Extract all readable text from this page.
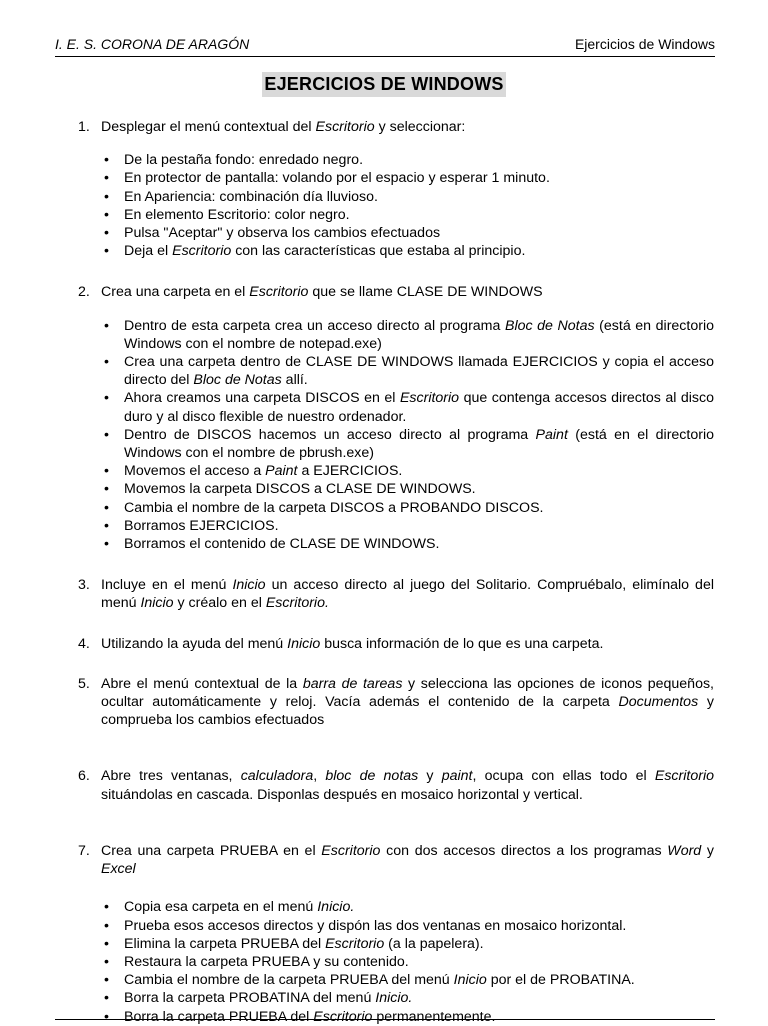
I. E. S. CORONA DE ARAGÓN	Ejercicios de Windows
EJERCICIOS DE WINDOWS
1. Desplegar el menú contextual del Escritorio y seleccionar:
• De la pestaña fondo: enredado negro.
• En protector de pantalla: volando por el espacio y esperar 1 minuto.
• En Apariencia: combinación día lluvioso.
• En elemento Escritorio: color negro.
• Pulsa "Aceptar" y observa los cambios efectuados
• Deja el Escritorio con las características que estaba al principio.
2. Crea una carpeta en el Escritorio que se llame CLASE DE WINDOWS
• Dentro de esta carpeta crea un acceso directo al programa Bloc de Notas (está en directorio Windows con el nombre de notepad.exe)
• Crea una carpeta dentro de CLASE DE WINDOWS llamada EJERCICIOS y copia el acceso directo del Bloc de Notas allí.
• Ahora creamos una carpeta DISCOS en el Escritorio que contenga accesos directos al disco duro y al disco flexible de nuestro ordenador.
• Dentro de DISCOS hacemos un acceso directo al programa Paint (está en el directorio Windows con el nombre de pbrush.exe)
• Movemos el acceso a Paint a EJERCICIOS.
• Movemos la carpeta DISCOS a CLASE DE WINDOWS.
• Cambia el nombre de la carpeta DISCOS a PROBANDO DISCOS.
• Borramos EJERCICIOS.
• Borramos el contenido de CLASE DE WINDOWS.
3. Incluye en el menú Inicio un acceso directo al juego del Solitario. Compruébalo, elimínalo del menú Inicio y créalo en el Escritorio.
4. Utilizando la ayuda del menú Inicio busca información de lo que es una carpeta.
5. Abre el menú contextual de la barra de tareas y selecciona las opciones de iconos pequeños, ocultar automáticamente y reloj. Vacía además el contenido de la carpeta Documentos y comprueba los cambios efectuados
6. Abre tres ventanas, calculadora, bloc de notas y paint, ocupa con ellas todo el Escritorio situándolas en cascada. Disponlas después en mosaico horizontal y vertical.
7. Crea una carpeta PRUEBA en el Escritorio con dos accesos directos a los programas Word y Excel
• Copia esa carpeta en el menú Inicio.
• Prueba esos accesos directos y dispón las dos ventanas en mosaico horizontal.
• Elimina la carpeta PRUEBA del Escritorio (a la papelera).
• Restaura la carpeta PRUEBA y su contenido.
• Cambia el nombre de la carpeta PRUEBA del menú Inicio por el de PROBATINA.
• Borra la carpeta PROBATINA del menú Inicio.
• Borra la carpeta PRUEBA del Escritorio permanentemente.
